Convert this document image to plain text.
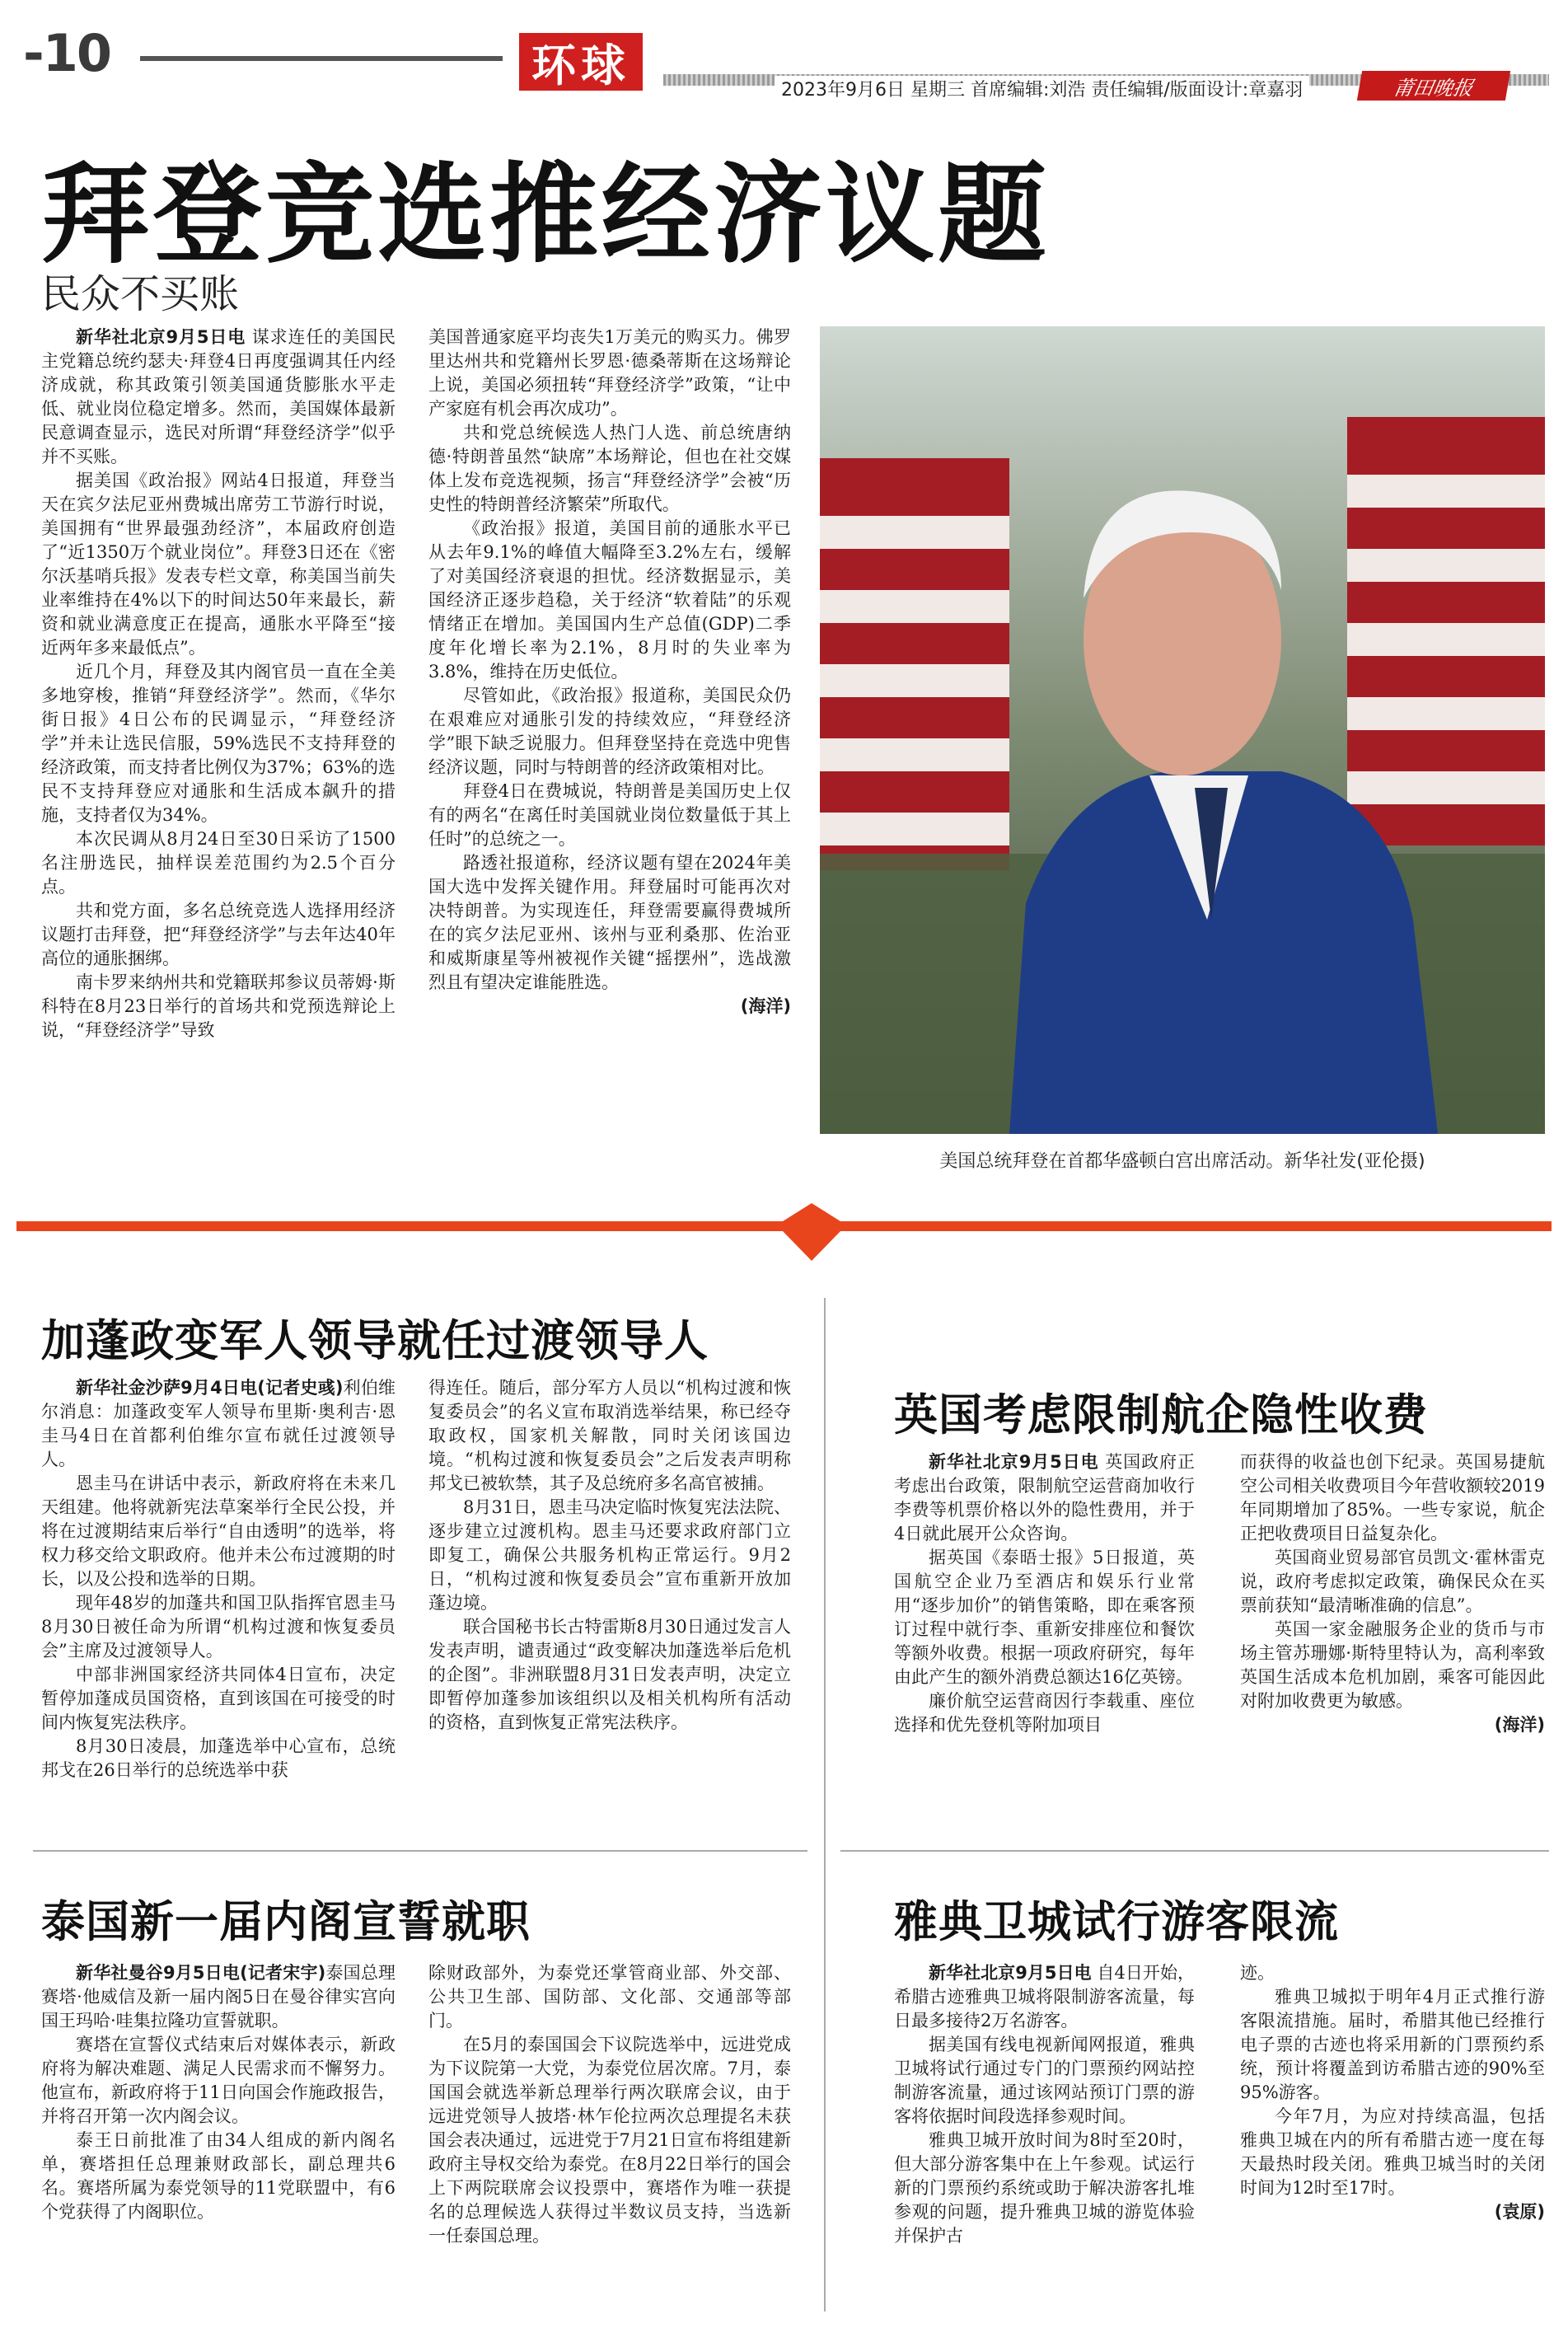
-10	环球	2023年9月6日 星期三 首席编辑:刘浩 责任编辑/版面设计:章嘉羽	莆田晚报
拜登竞选推经济议题
民众不买账

新华社北京9月5日电 谋求连任的美国民主党籍总统约瑟夫·拜登4日再度强调其任内经济成就，称其政策引领美国通货膨胀水平走低、就业岗位稳定增多。然而，美国媒体最新民意调查显示，选民对所谓“拜登经济学”似乎并不买账。

据美国《政治报》网站4日报道，拜登当天在宾夕法尼亚州费城出席劳工节游行时说，美国拥有“世界最强劲经济”，本届政府创造了“近1350万个就业岗位”。拜登3日还在《密尔沃基哨兵报》发表专栏文章，称美国当前失业率维持在4%以下的时间达50年来最长，薪资和就业满意度正在提高，通胀水平降至“接近两年多来最低点”。

近几个月，拜登及其内阁官员一直在全美多地穿梭，推销“拜登经济学”。然而，《华尔街日报》4日公布的民调显示，“拜登经济学”并未让选民信服，59%选民不支持拜登的经济政策，而支持者比例仅为37%；63%的选民不支持拜登应对通胀和生活成本飙升的措施，支持者仅为34%。

本次民调从8月24日至30日采访了1500名注册选民，抽样误差范围约为2.5个百分点。

共和党方面，多名总统竞选人选择用经济议题打击拜登，把“拜登经济学”与去年达40年高位的通胀捆绑。

南卡罗来纳州共和党籍联邦参议员蒂姆·斯科特在8月23日举行的首场共和党预选辩论上说，“拜登经济学”导致

美国普通家庭平均丧失1万美元的购买力。佛罗里达州共和党籍州长罗恩·德桑蒂斯在这场辩论上说，美国必须扭转“拜登经济学”政策，“让中产家庭有机会再次成功”。

共和党总统候选人热门人选、前总统唐纳德·特朗普虽然“缺席”本场辩论，但也在社交媒体上发布竞选视频，扬言“拜登经济学”会被“历史性的特朗普经济繁荣”所取代。

《政治报》报道，美国目前的通胀水平已从去年9.1%的峰值大幅降至3.2%左右，缓解了对美国经济衰退的担忧。经济数据显示，美国经济正逐步趋稳，关于经济“软着陆”的乐观情绪正在增加。美国国内生产总值(GDP)二季度年化增长率为2.1%，8月时的失业率为3.8%，维持在历史低位。

尽管如此，《政治报》报道称，美国民众仍在艰难应对通胀引发的持续效应，“拜登经济学”眼下缺乏说服力。但拜登坚持在竞选中兜售经济议题，同时与特朗普的经济政策相对比。

拜登4日在费城说，特朗普是美国历史上仅有的两名“在离任时美国就业岗位数量低于其上任时”的总统之一。

路透社报道称，经济议题有望在2024年美国大选中发挥关键作用。拜登届时可能再次对决特朗普。为实现连任，拜登需要赢得费城所在的宾夕法尼亚州、该州与亚利桑那、佐治亚和威斯康星等州被视作关键“摇摆州”，选战激烈且有望决定谁能胜选。

(海洋)

美国总统拜登在首都华盛顿白宫出席活动。新华社发(亚伦摄)
加蓬政变军人领导就任过渡领导人

新华社金沙萨9月4日电(记者史彧)利伯维尔消息：加蓬政变军人领导布里斯·奥利吉·恩圭马4日在首都利伯维尔宣布就任过渡领导人。

恩圭马在讲话中表示，新政府将在未来几天组建。他将就新宪法草案举行全民公投，并将在过渡期结束后举行“自由透明”的选举，将权力移交给文职政府。他并未公布过渡期的时长，以及公投和选举的日期。

现年48岁的加蓬共和国卫队指挥官恩圭马8月30日被任命为所谓“机构过渡和恢复委员会”主席及过渡领导人。

中部非洲国家经济共同体4日宣布，决定暂停加蓬成员国资格，直到该国在可接受的时间内恢复宪法秩序。

8月30日凌晨，加蓬选举中心宣布，总统邦戈在26日举行的总统选举中获

得连任。随后，部分军方人员以“机构过渡和恢复委员会”的名义宣布取消选举结果，称已经夺取政权，国家机关解散，同时关闭该国边境。“机构过渡和恢复委员会”之后发表声明称邦戈已被软禁，其子及总统府多名高官被捕。

8月31日，恩圭马决定临时恢复宪法法院、逐步建立过渡机构。恩圭马还要求政府部门立即复工，确保公共服务机构正常运行。9月2日，“机构过渡和恢复委员会”宣布重新开放加蓬边境。

联合国秘书长古特雷斯8月30日通过发言人发表声明，谴责通过“政变解决加蓬选举后危机的企图”。非洲联盟8月31日发表声明，决定立即暂停加蓬参加该组织以及相关机构所有活动的资格，直到恢复正常宪法秩序。

英国考虑限制航企隐性收费

新华社北京9月5日电 英国政府正考虑出台政策，限制航空运营商加收行李费等机票价格以外的隐性费用，并于4日就此展开公众咨询。

据英国《泰晤士报》5日报道，英国航空企业乃至酒店和娱乐行业常用“逐步加价”的销售策略，即在乘客预订过程中就行李、重新安排座位和餐饮等额外收费。根据一项政府研究，每年由此产生的额外消费总额达16亿英镑。

廉价航空运营商因行李载重、座位选择和优先登机等附加项目

而获得的收益也创下纪录。英国易捷航空公司相关收费项目今年营收额较2019年同期增加了85%。一些专家说，航企正把收费项目日益复杂化。

英国商业贸易部官员凯文·霍林雷克说，政府考虑拟定政策，确保民众在买票前获知“最清晰准确的信息”。

英国一家金融服务企业的货币与市场主管苏珊娜·斯特里特认为，高利率致英国生活成本危机加剧，乘客可能因此对附加收费更为敏感。

(海洋)

泰国新一届内阁宣誓就职

新华社曼谷9月5日电(记者宋宇)泰国总理赛塔·他威信及新一届内阁5日在曼谷律实宫向国王玛哈·哇集拉隆功宣誓就职。

赛塔在宣誓仪式结束后对媒体表示，新政府将为解决难题、满足人民需求而不懈努力。他宣布，新政府将于11日向国会作施政报告，并将召开第一次内阁会议。

泰王日前批准了由34人组成的新内阁名单，赛塔担任总理兼财政部长，副总理共6名。赛塔所属为泰党领导的11党联盟中，有6个党获得了内阁职位。

除财政部外，为泰党还掌管商业部、外交部、公共卫生部、国防部、文化部、交通部等部门。

在5月的泰国国会下议院选举中，远进党成为下议院第一大党，为泰党位居次席。7月，泰国国会就选举新总理举行两次联席会议，由于远进党领导人披塔·林乍伦拉两次总理提名未获国会表决通过，远进党于7月21日宣布将组建新政府主导权交给为泰党。在8月22日举行的国会上下两院联席会议投票中，赛塔作为唯一获提名的总理候选人获得过半数议员支持，当选新一任泰国总理。

雅典卫城试行游客限流

新华社北京9月5日电 自4日开始，希腊古迹雅典卫城将限制游客流量，每日最多接待2万名游客。

据美国有线电视新闻网报道，雅典卫城将试行通过专门的门票预约网站控制游客流量，通过该网站预订门票的游客将依据时间段选择参观时间。

雅典卫城开放时间为8时至20时，但大部分游客集中在上午参观。试运行新的门票预约系统或助于解决游客扎堆参观的问题，提升雅典卫城的游览体验并保护古

迹。

雅典卫城拟于明年4月正式推行游客限流措施。届时，希腊其他已经推行电子票的古迹也将采用新的门票预约系统，预计将覆盖到访希腊古迹的90%至95%游客。

今年7月，为应对持续高温，包括雅典卫城在内的所有希腊古迹一度在每天最热时段关闭。雅典卫城当时的关闭时间为12时至17时。

(袁原)
